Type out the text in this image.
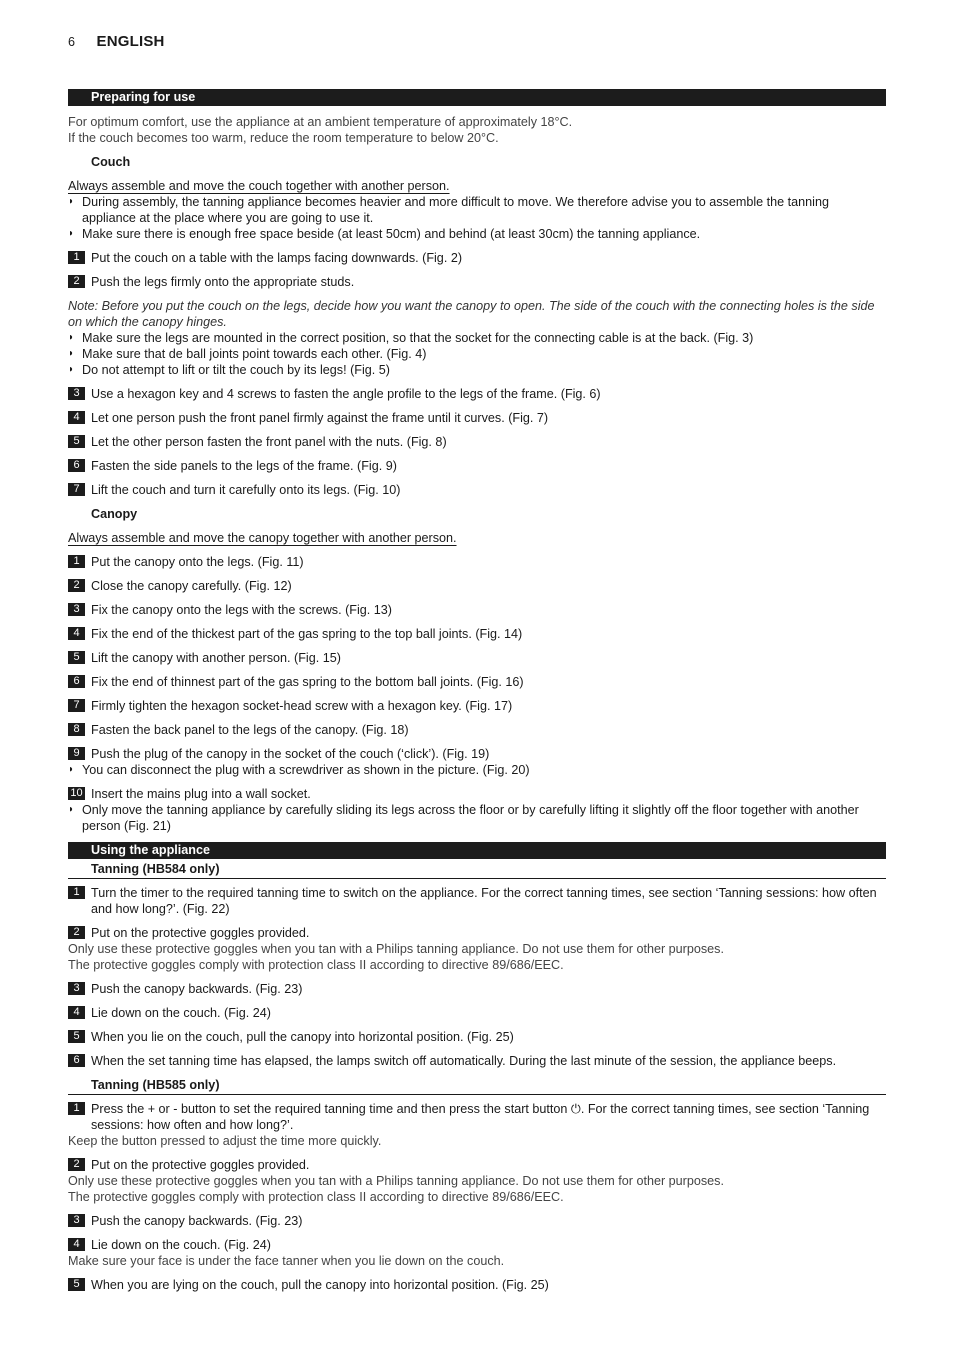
6 ENGLISH
Preparing for use
For optimum comfort, use the appliance at an ambient temperature of approximately 18°C.
If the couch becomes too warm, reduce the room temperature to below 20°C.
Couch
Always assemble and move the couch together with another person.
◗ During assembly, the tanning appliance becomes heavier and more difficult to move. We therefore advise you to assemble the tanning appliance at the place where you are going to use it.
◗ Make sure there is enough free space beside (at least 50cm) and behind (at least 30cm) the tanning appliance.
1 Put the couch on a table with the lamps facing downwards. (Fig. 2)
2 Push the legs firmly onto the appropriate studs.
Note: Before you put the couch on the legs, decide how you want the canopy to open. The side of the couch with the connecting holes is the side on which the canopy hinges.
◗ Make sure the legs are mounted in the correct position, so that the socket for the connecting cable is at the back. (Fig. 3)
◗ Make sure that de ball joints point towards each other. (Fig. 4)
◗ Do not attempt to lift or tilt the couch by its legs! (Fig. 5)
3 Use a hexagon key and 4 screws to fasten the angle profile to the legs of the frame. (Fig. 6)
4 Let one person push the front panel firmly against the frame until it curves. (Fig. 7)
5 Let the other person fasten the front panel with the nuts. (Fig. 8)
6 Fasten the side panels to the legs of the frame. (Fig. 9)
7 Lift the couch and turn it carefully onto its legs. (Fig. 10)
Canopy
Always assemble and move the canopy together with another person.
1 Put the canopy onto the legs. (Fig. 11)
2 Close the canopy carefully. (Fig. 12)
3 Fix the canopy onto the legs with the screws. (Fig. 13)
4 Fix the end of the thickest part of the gas spring to the top ball joints. (Fig. 14)
5 Lift the canopy with another person. (Fig. 15)
6 Fix the end of thinnest part of the gas spring to the bottom ball joints. (Fig. 16)
7 Firmly tighten the hexagon socket-head screw with a hexagon key. (Fig. 17)
8 Fasten the back panel to the legs of the canopy. (Fig. 18)
9 Push the plug of the canopy in the socket of the couch (‘click’). (Fig. 19)
◗ You can disconnect the plug with a screwdriver as shown in the picture. (Fig. 20)
10 Insert the mains plug into a wall socket.
◗ Only move the tanning appliance by carefully sliding its legs across the floor or by carefully lifting it slightly off the floor together with another person (Fig. 21)
Using the appliance
Tanning (HB584 only)
1 Turn the timer to the required tanning time to switch on the appliance. For the correct tanning times, see section ‘Tanning sessions: how often and how long?’. (Fig. 22)
2 Put on the protective goggles provided.
Only use these protective goggles when you tan with a Philips tanning appliance. Do not use them for other purposes.
The protective goggles comply with protection class II according to directive 89/686/EEC.
3 Push the canopy backwards. (Fig. 23)
4 Lie down on the couch. (Fig. 24)
5 When you lie on the couch, pull the canopy into horizontal position. (Fig. 25)
6 When the set tanning time has elapsed, the lamps switch off automatically. During the last minute of the session, the appliance beeps.
Tanning (HB585 only)
1 Press the + or - button to set the required tanning time and then press the start button ⏻. For the correct tanning times, see section ‘Tanning sessions: how often and how long?’.
Keep the button pressed to adjust the time more quickly.
2 Put on the protective goggles provided.
Only use these protective goggles when you tan with a Philips tanning appliance. Do not use them for other purposes.
The protective goggles comply with protection class II according to directive 89/686/EEC.
3 Push the canopy backwards. (Fig. 23)
4 Lie down on the couch. (Fig. 24)
Make sure your face is under the face tanner when you lie down on the couch.
5 When you are lying on the couch, pull the canopy into horizontal position. (Fig. 25)
